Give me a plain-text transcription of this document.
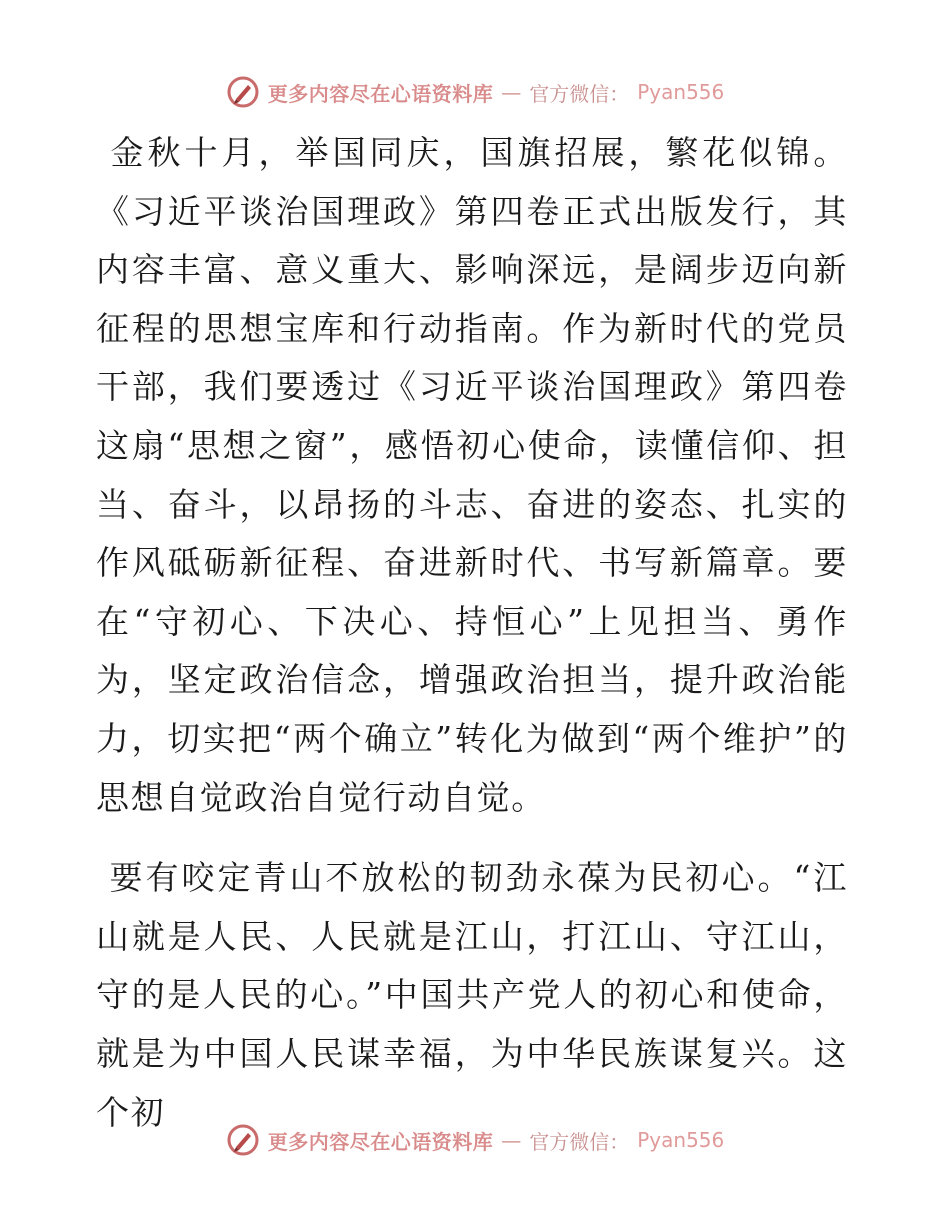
更多内容尽在心语资料库 — 官方微信： Pyan556

金秋十月，举国同庆，国旗招展，繁花似锦。《习近平谈治国理政》第四卷正式出版发行，其内容丰富、意义重大、影响深远，是阔步迈向新征程的思想宝库和行动指南。作为新时代的党员干部，我们要透过《习近平谈治国理政》第四卷这扇“思想之窗”，感悟初心使命，读懂信仰、担当、奋斗，以昂扬的斗志、奋进的姿态、扎实的作风砥砺新征程、奋进新时代、书写新篇章。要在“守初心、下决心、持恒心”上见担当、勇作为，坚定政治信念，增强政治担当，提升政治能力，切实把“两个确立”转化为做到“两个维护”的思想自觉政治自觉行动自觉。

要有咬定青山不放松的韧劲永葆为民初心。“江山就是人民、人民就是江山，打江山、守江山，守的是人民的心。”中国共产党人的初心和使命，就是为中国人民谋幸福，为中华民族谋复兴。这个初

更多内容尽在心语资料库 — 官方微信： Pyan556
